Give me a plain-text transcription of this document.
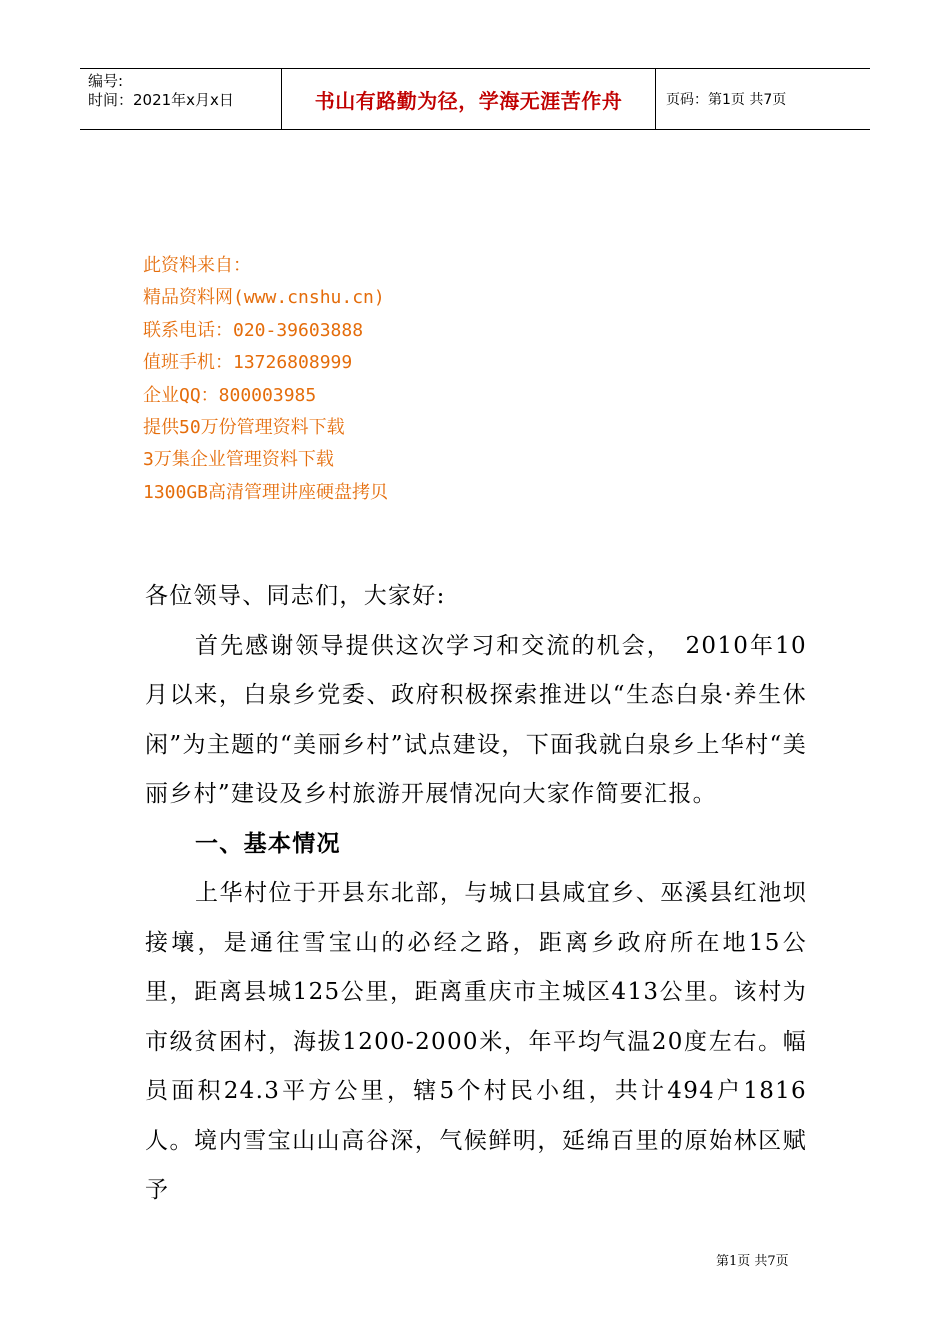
编号:
时间：2021年x月x日	书山有路勤为径，学海无涯苦作舟	页码：第1页 共7页
此资料来自：
精品资料网(www.cnshu.cn)
联系电话：020-39603888
值班手机：13726808999
企业QQ：800003985
提供50万份管理资料下载
3万集企业管理资料下载
1300GB高清管理讲座硬盘拷贝

各位领导、同志们，大家好:

首先感谢领导提供这次学习和交流的机会，　2010年10月以来，白泉乡党委、政府积极探索推进以“生态白泉·养生休闲”为主题的“美丽乡村”试点建设，下面我就白泉乡上华村“美丽乡村”建设及乡村旅游开展情况向大家作简要汇报。

一、基本情况

上华村位于开县东北部，与城口县咸宜乡、巫溪县红池坝接壤，是通往雪宝山的必经之路，距离乡政府所在地15公里，距离县城125公里，距离重庆市主城区413公里。该村为市级贫困村，海拔1200-2000米，年平均气温20度左右。幅员面积24.3平方公里，辖5个村民小组，共计494户1816人。境内雪宝山山高谷深，气候鲜明，延绵百里的原始林区赋予

第1页 共7页
